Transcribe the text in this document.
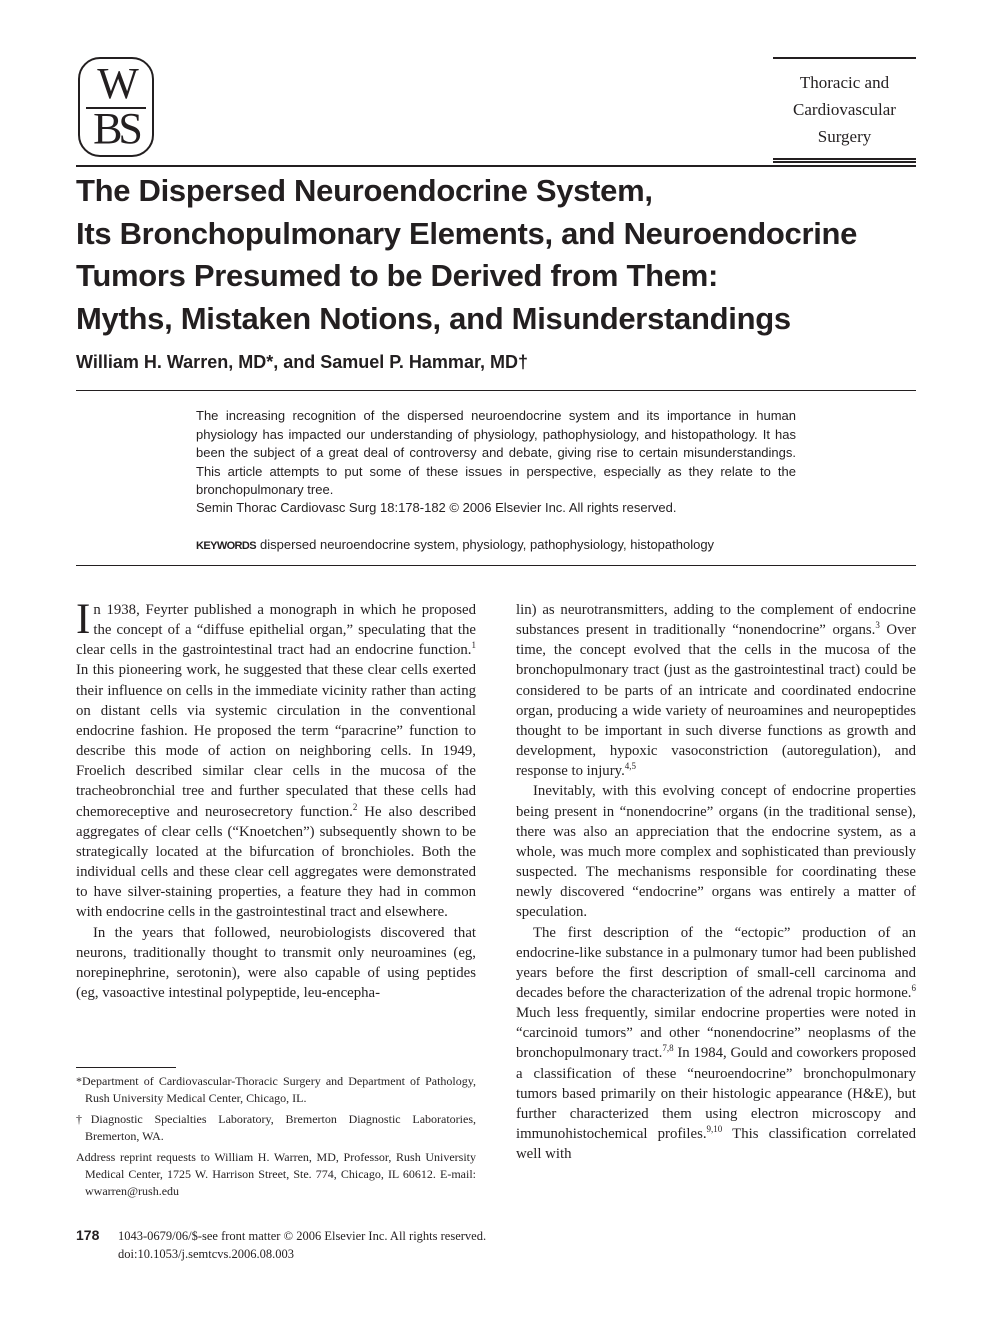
W
BS
Thoracic and
Cardiovascular
Surgery
The Dispersed Neuroendocrine System,
Its Bronchopulmonary Elements, and Neuroendocrine
Tumors Presumed to be Derived from Them:
Myths, Mistaken Notions, and Misunderstandings
William H. Warren, MD*, and Samuel P. Hammar, MD†
The increasing recognition of the dispersed neuroendocrine system and its importance in human physiology has impacted our understanding of physiology, pathophysiology, and histopathology. It has been the subject of a great deal of controversy and debate, giving rise to certain misunderstandings. This article attempts to put some of these issues in perspective, especially as they relate to the bronchopulmonary tree.
Semin Thorac Cardiovasc Surg 18:178-182 © 2006 Elsevier Inc. All rights reserved.
KEYWORDS dispersed neuroendocrine system, physiology, pathophysiology, histopathology

In 1938, Feyrter published a monograph in which he proposed the concept of a “diffuse epithelial organ,” speculating that the clear cells in the gastrointestinal tract had an endocrine function.$^1$ In this pioneering work, he suggested that these clear cells exerted their influence on cells in the immediate vicinity rather than acting on distant cells via systemic circulation in the conventional endocrine fashion. He proposed the term “paracrine” function to describe this mode of action on neighboring cells. In 1949, Froelich described similar clear cells in the mucosa of the tracheobronchial tree and further speculated that these cells had chemoreceptive and neurosecretory function.$^2$ He also described aggregates of clear cells (“Knoetchen”) subsequently shown to be strategically located at the bifurcation of bronchioles. Both the individual cells and these clear cell aggregates were demonstrated to have silver-staining properties, a feature they had in common with endocrine cells in the gastrointestinal tract and elsewhere.

In the years that followed, neurobiologists discovered that neurons, traditionally thought to transmit only neuroamines (eg, norepinephrine, serotonin), were also capable of using peptides (eg, vasoactive intestinal polypeptide, leu-encepha-

lin) as neurotransmitters, adding to the complement of endocrine substances present in traditionally “nonendocrine” organs.$^3$ Over time, the concept evolved that the cells in the mucosa of the bronchopulmonary tract (just as the gastrointestinal tract) could be considered to be parts of an intricate and coordinated endocrine organ, producing a wide variety of neuroamines and neuropeptides thought to be important in such diverse functions as growth and development, hypoxic vasoconstriction (autoregulation), and response to injury.$^{4,5}$

Inevitably, with this evolving concept of endocrine properties being present in “nonendocrine” organs (in the traditional sense), there was also an appreciation that the endocrine system, as a whole, was much more complex and sophisticated than previously suspected. The mechanisms responsible for coordinating these newly discovered “endocrine” organs was entirely a matter of speculation.

The first description of the “ectopic” production of an endocrine-like substance in a pulmonary tumor had been published years before the first description of small-cell carcinoma and decades before the characterization of the adrenal tropic hormone.$^6$ Much less frequently, similar endocrine properties were noted in “carcinoid tumors” and other “nonendocrine” neoplasms of the bronchopulmonary tract.$^{7,8}$ In 1984, Gould and coworkers proposed a classification of these “neuroendocrine” bronchopulmonary tumors based primarily on their histologic appearance (H&E), but further characterized them using electron microscopy and immunohistochemical profiles.$^{9,10}$ This classification correlated well with

*Department of Cardiovascular-Thoracic Surgery and Department of Pathology, Rush University Medical Center, Chicago, IL.

†Diagnostic Specialties Laboratory, Bremerton Diagnostic Laboratories, Bremerton, WA.

Address reprint requests to William H. Warren, MD, Professor, Rush University Medical Center, 1725 W. Harrison Street, Ste. 774, Chicago, IL 60612. E-mail: wwarren@rush.edu

178 1043-0679/06/$-see front matter © 2006 Elsevier Inc. All rights reserved.
doi:10.1053/j.semtcvs.2006.08.003
